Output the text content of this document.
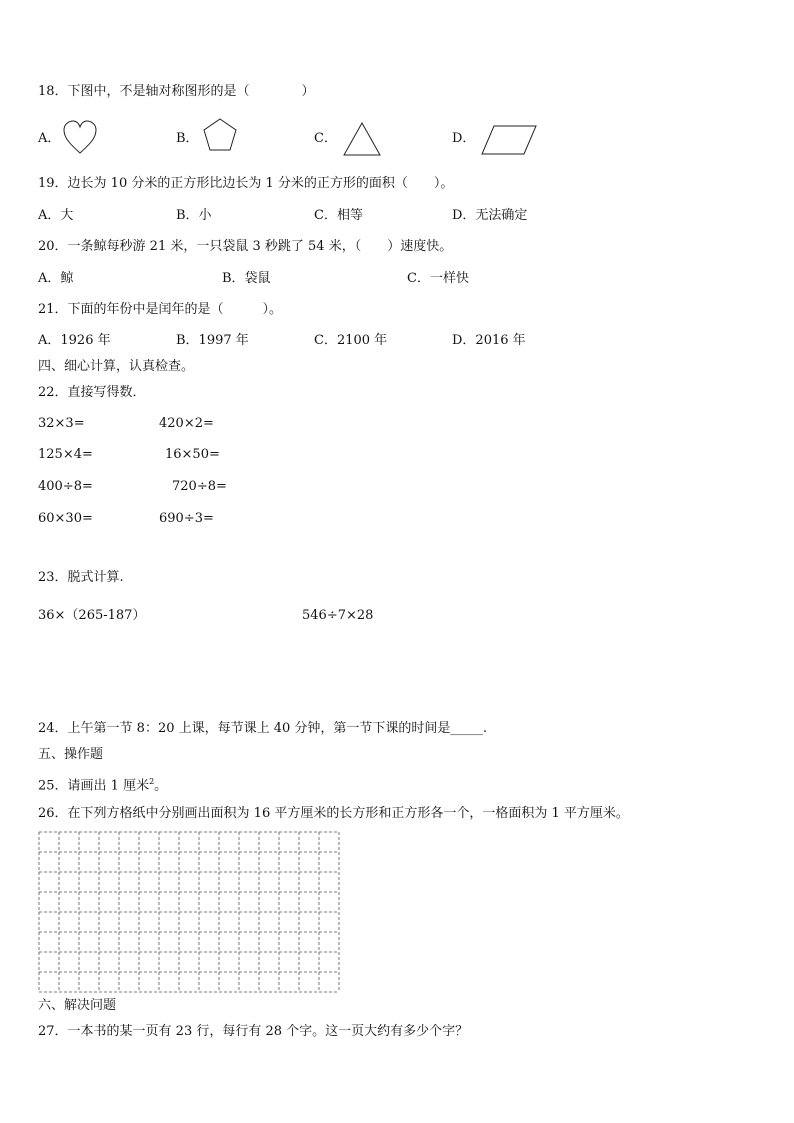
18．下图中，不是轴对称图形的是（　　　　）
A．	B．	C．	D．
19．边长为 10 分米的正方形比边长为 1 分米的正方形的面积（　　）。
A．大	B．小	C．相等	D．无法确定
20．一条鲸每秒游 21 米，一只袋鼠 3 秒跳了 54 米，（　　）速度快。
A．鲸	B．袋鼠	C．一样快
21．下面的年份中是闰年的是（　　　）。
A．1926 年	B．1997 年	C．2100 年	D．2016 年
四、细心计算，认真检查。
22．直接写得数．
32×3=	420×2=
125×4=	16×50=
400÷8=	720÷8=
60×30=	690÷3=
23．脱式计算.
36×（265-187）	546÷7×28
24．上午第一节 8：20 上课，每节课上 40 分钟，第一节下课的时间是_____.
五、操作题
25．请画出 1 厘米$^2$。
26．在下列方格纸中分别画出面积为 16 平方厘米的长方形和正方形各一个，一格面积为 1 平方厘米。
六、解决问题
27．一本书的某一页有 23 行，每行有 28 个字。这一页大约有多少个字？
